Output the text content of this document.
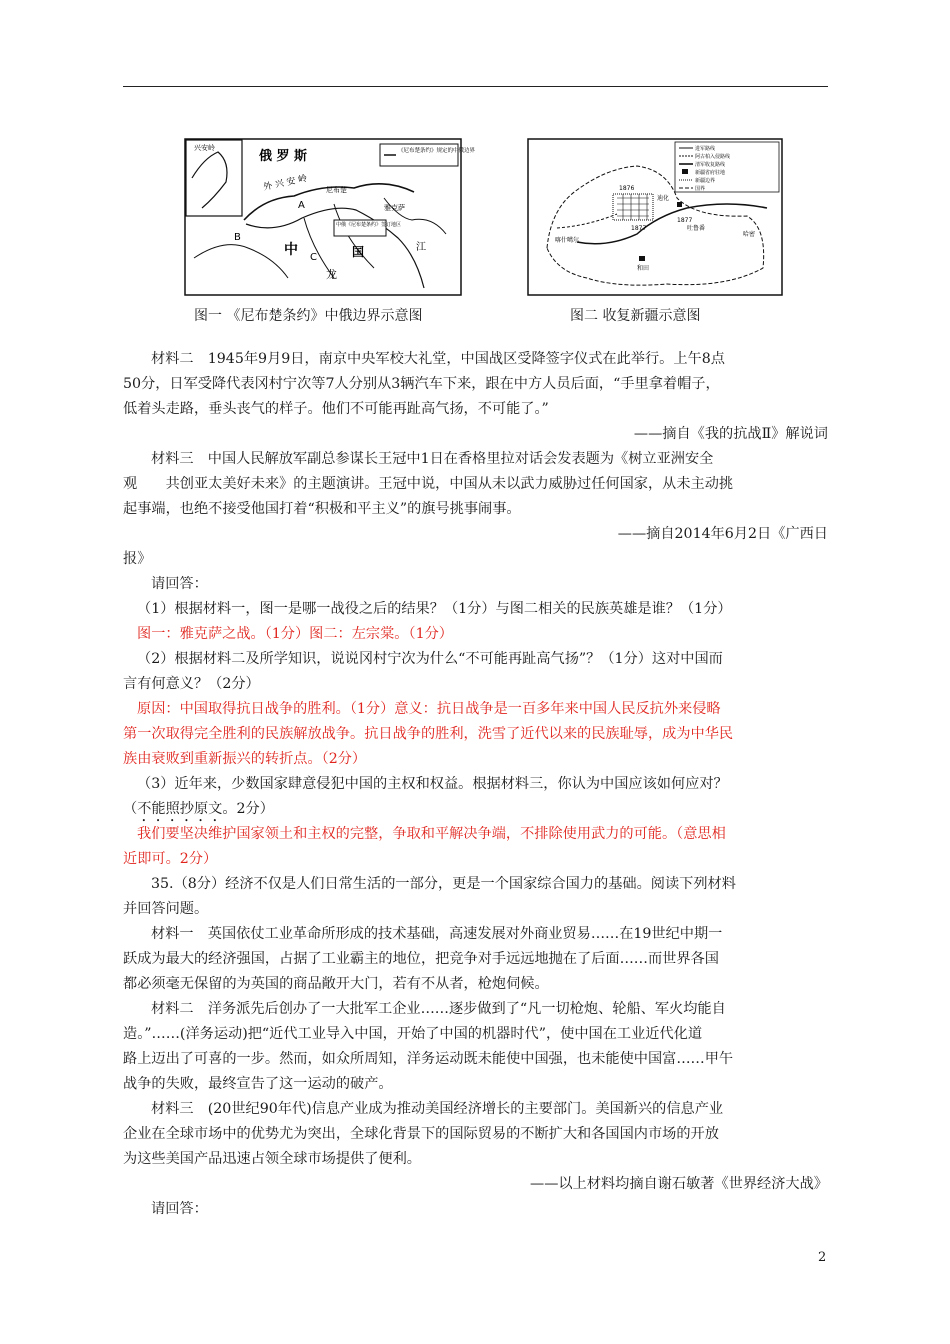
兴安岭	《尼布楚条约》规定的中俄边界
俄 罗 斯
外 兴 安 岭
A
B
C
尼布楚
中俄《尼布楚条约》签订地区
雅克萨
中	国
龙
江
图一 《尼布楚条约》中俄边界示意图
进军路线
阿古柏入侵路线
清军收复路线
新疆省府驻地
新疆边界
国界
1876
1877
1877
迪化
吐鲁番
哈密
喀什噶尔
和田
图二 收复新疆示意图

材料二　1945年9月9日，南京中央军校大礼堂，中国战区受降签字仪式在此举行。上午8点

50分，日军受降代表冈村宁次等7人分别从3辆汽车下来，跟在中方人员后面，“手里拿着帽子，

低着头走路，垂头丧气的样子。他们不可能再趾高气扬，不可能了。”

——摘自《我的抗战Ⅱ》解说词

材料三　中国人民解放军副总参谋长王冠中1日在香格里拉对话会发表题为《树立亚洲安全

观　　共创亚太美好未来》的主题演讲。王冠中说，中国从未以武力威胁过任何国家，从未主动挑

起事端，也绝不接受他国打着“积极和平主义”的旗号挑事闹事。

——摘自2014年6月2日《广西日

报》

请回答：

（1）根据材料一，图一是哪一战役之后的结果？（1分）与图二相关的民族英雄是谁？（1分）

图一：雅克萨之战。（1分）图二：左宗棠。（1分）

（2）根据材料二及所学知识，说说冈村宁次为什么“不可能再趾高气扬”？（1分）这对中国而

言有何意义？（2分）

原因：中国取得抗日战争的胜利。（1分）意义：抗日战争是一百多年来中国人民反抗外来侵略

第一次取得完全胜利的民族解放战争。抗日战争的胜利，洗雪了近代以来的民族耻辱，成为中华民

族由衰败到重新振兴的转折点。（2分）

（3）近年来，少数国家肆意侵犯中国的主权和权益。根据材料三，你认为中国应该如何应对？

（不能照抄原文。2分）

我们要坚决维护国家领土和主权的完整，争取和平解决争端，不排除使用武力的可能。（意思相

近即可。2分）

35.（8分）经济不仅是人们日常生活的一部分，更是一个国家综合国力的基础。阅读下列材料

并回答问题。

材料一　英国依仗工业革命所形成的技术基础，高速发展对外商业贸易……在19世纪中期一

跃成为最大的经济强国，占据了工业霸主的地位，把竞争对手远远地抛在了后面……而世界各国

都必须毫无保留的为英国的商品敞开大门，若有不从者，枪炮伺候。

材料二　洋务派先后创办了一大批军工企业……逐步做到了“凡一切枪炮、轮船、军火均能自

造。”……(洋务运动)把“近代工业导入中国，开始了中国的机器时代”，使中国在工业近代化道

路上迈出了可喜的一步。然而，如众所周知，洋务运动既未能使中国强，也未能使中国富……甲午

战争的失败，最终宣告了这一运动的破产。

材料三　(20世纪90年代)信息产业成为推动美国经济增长的主要部门。美国新兴的信息产业

企业在全球市场中的优势尤为突出，全球化背景下的国际贸易的不断扩大和各国国内市场的开放

为这些美国产品迅速占领全球市场提供了便利。

——以上材料均摘自谢石敏著《世界经济大战》

请回答：

2
